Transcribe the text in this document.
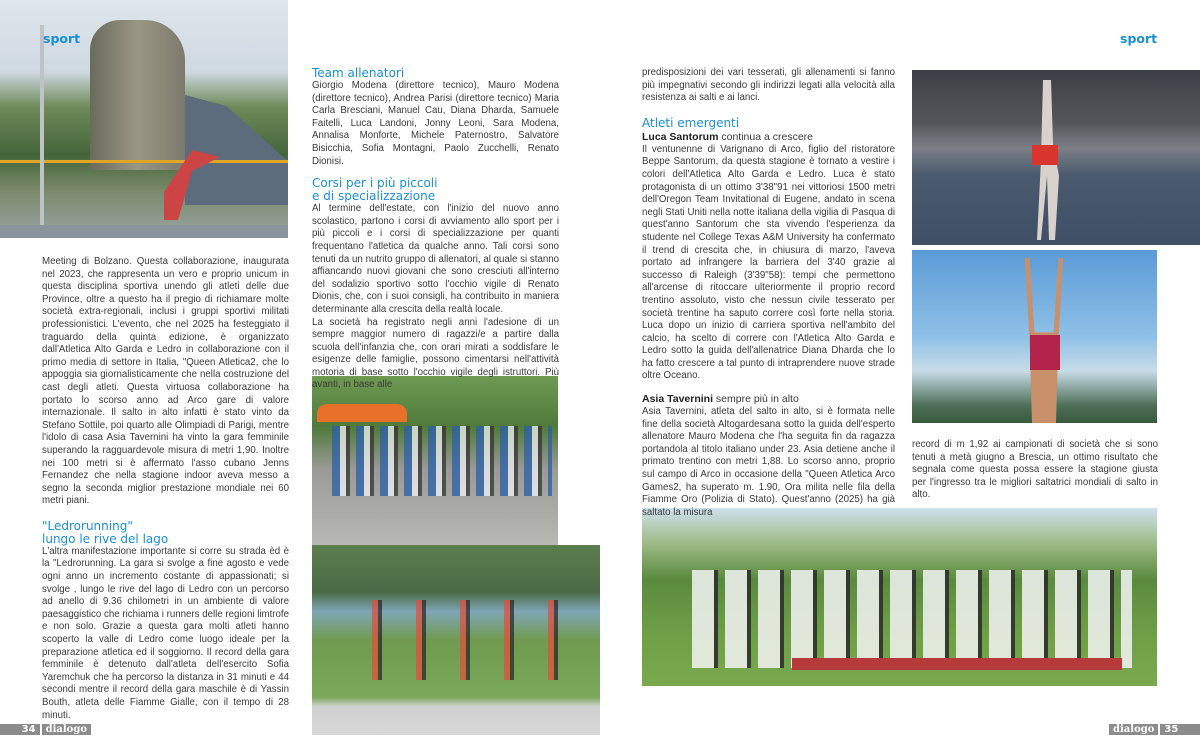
sport	sport

Meeting di Bolzano. Questa collaborazione, inaugurata nel 2023, che rappresenta un vero e proprio unicum in questa disciplina sportiva unendo gli atleti delle due Province, oltre a questo ha il pregio di richiamare molte società extra-regionali, inclusi i gruppi sportivi militati professionistici. L'evento, che nel 2025 ha festeggiato il traguardo della quinta edizione, è organizzato dall'Atletica Alto Garda e Ledro in collaborazione con il primo media di settore in Italia, "Queen Atletica2, che lo appoggia sia giornalisticamente che nella costruzione del cast degli atleti. Questa virtuosa collaborazione ha portato lo scorso anno ad Arco gare di valore internazionale. Il salto in alto infatti è stato vinto da Stefano Sottile, poi quarto alle Olimpiadi di Parigi, mentre l'idolo di casa Asia Tavernini ha vinto la gara femminile superando la ragguardevole misura di metri 1,90. Inoltre nei 100 metri si è affermato l'asso cubano Jenns Fernandez che nella stagione indoor aveva messo a segno la seconda miglior prestazione mondiale nei 60 metri piani.

"Ledrorunning"
lungo le rive del lago

L'altra manifestazione importante si corre su strada èd è la "Ledrorunning. La gara si svolge a fine agosto e vede ogni anno un incremento costante di appassionati; si svolge , lungo le rive del lago di Ledro con un percorso ad anello di 9.36 chilometri in un ambiente di valore paesaggistico che richiama i runners delle regioni limtrofe e non solo. Grazie a questa gara molti atleti hanno scoperto la valle di Ledro come luogo ideale per la preparazione atletica ed il soggiorno. Il record della gara femminile è detenuto dall'atleta dell'esercito Sofia Yaremchuk che ha percorso la distanza in 31 minuti e 44 secondi mentre il record della gara maschile è di Yassin Bouth, atleta delle Fiamme Gialle, con il tempo di 28 minuti.

Team allenatori

Giorgio Modena (direttore tecnico), Mauro Modena (direttore tecnico), Andrea Parisi (direttore tecnico) Maria Carla Bresciani, Manuel Cau, Diana Dharda, Samuele Faitelli, Luca Landoni, Jonny Leoni, Sara Modena, Annalisa Monforte, Michele Paternostro, Salvatore Bisicchia, Sofia Montagni, Paolo Zucchelli, Renato Dionisi.

Corsi per i più piccoli
e di specializzazione

Al termine dell'estate, con l'inizio del nuovo anno scolastico, partono i corsi di avviamento allo sport per i più piccoli e i corsi di specializzazione per quanti frequentano l'atletica da qualche anno. Tali corsi sono tenuti da un nutrito gruppo di allenatori, al quale si stanno affiancando nuovi giovani che sono cresciuti all'interno del sodalizio sportivo sotto l'occhio vigile di Renato Dionis, che, con i suoi consigli, ha contribuito in maniera determinante alla crescita della realtà locale.

La società ha registrato negli anni l'adesione di un sempre maggior numero di ragazzi/e a partire dalla scuola dell'infanzia che, con orari mirati a soddisfare le esigenze delle famiglie, possono cimentarsi nell'attività motoria di base sotto l'occhio vigile degli istruttori. Più avanti, in base alle

predisposizioni dei vari tesserati, gli allenamenti si fanno più impegnativi secondo gli indirizzi legati alla velocità alla resistenza ai salti e ai lanci.

Atleti emergenti
Luca Santorum continua a crescere

Il ventunenne di Varignano di Arco, figlio del ristoratore Beppe Santorum, da questa stagione è tornato a vestire i colori dell'Atletica Alto Garda e Ledro. Luca è stato protagonista di un ottimo 3'38"91 nei vittoriosi 1500 metri dell'Oregon Team Invitational di Eugene, andato in scena negli Stati Uniti nella notte italiana della vigilia di Pasqua di quest'anno Santorum che sta vivendo l'esperienza da studente nel College Texas A&M University ha confermato il trend di crescita che, in chiusura di marzo, l'aveva portato ad infrangere la barriera del 3'40 grazie al successo di Raleigh (3'39"58): tempi che permettono all'arcense di ritoccare ulteriormente il proprio record trentino assoluto, visto che nessun civile tesserato per società trentine ha saputo correre così forte nella storia. Luca dopo un inizio di carriera sportiva nell'ambito del calcio, ha scelto di correre con l'Atletica Alto Garda e Ledro sotto la guida dell'allenatrice Diana Dharda che lo ha fatto crescere a tal punto di intraprendere nuove strade oltre Oceano.

Asia Tavernini sempre più in alto

Asia Tavernini, atleta del salto in alto, si è formata nelle fine della società Altogardesana sotto la guida dell'esperto allenatore Mauro Modena che l'ha seguita fin da ragazza portandola al titolo italiano under 23. Asia detiene anche il primato trentino con metri 1,88. Lo scorso anno, proprio sul campo di Arco in occasione della "Queen Atletica Arco Games2, ha superato m. 1.90, Ora milita nelle fila della Fiamme Oro (Polizia di Stato). Quest'anno (2025) ha già saltato la misura

record di m 1,92 ai campionati di società che si sono tenuti a metà giugno a Brescia, un ottimo risultato che segnala come questa possa essere la stagione giusta per l'ingresso tra le migliori saltatrici mondiali di salto in alto.

34	dialogo	dialogo	35
